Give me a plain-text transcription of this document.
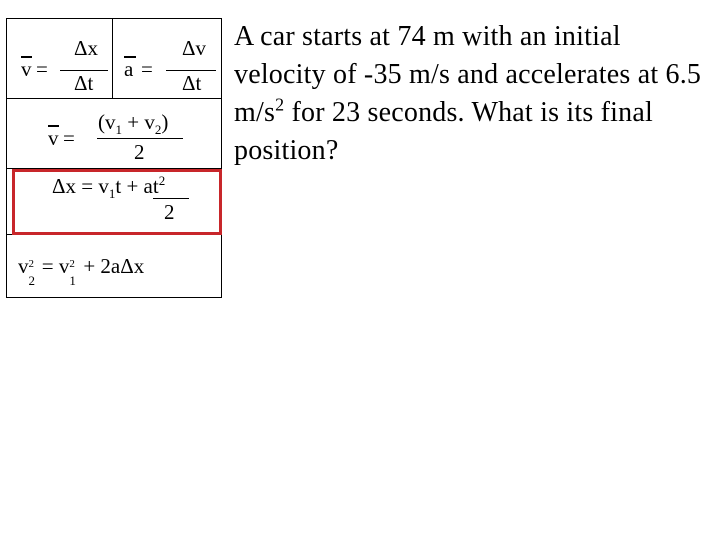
v =
Δx
Δt
a =
Δv
Δt
v =
$(v_1 + v_2)$
2
$\Delta x = v_1t + at^2$
2
v 2
2
= v 2
1
+ 2aΔx
A car starts at 74 m with an initial velocity of -35 m/s and accelerates at 6.5 $m/s^2$ for 23 seconds. What is its final position?
